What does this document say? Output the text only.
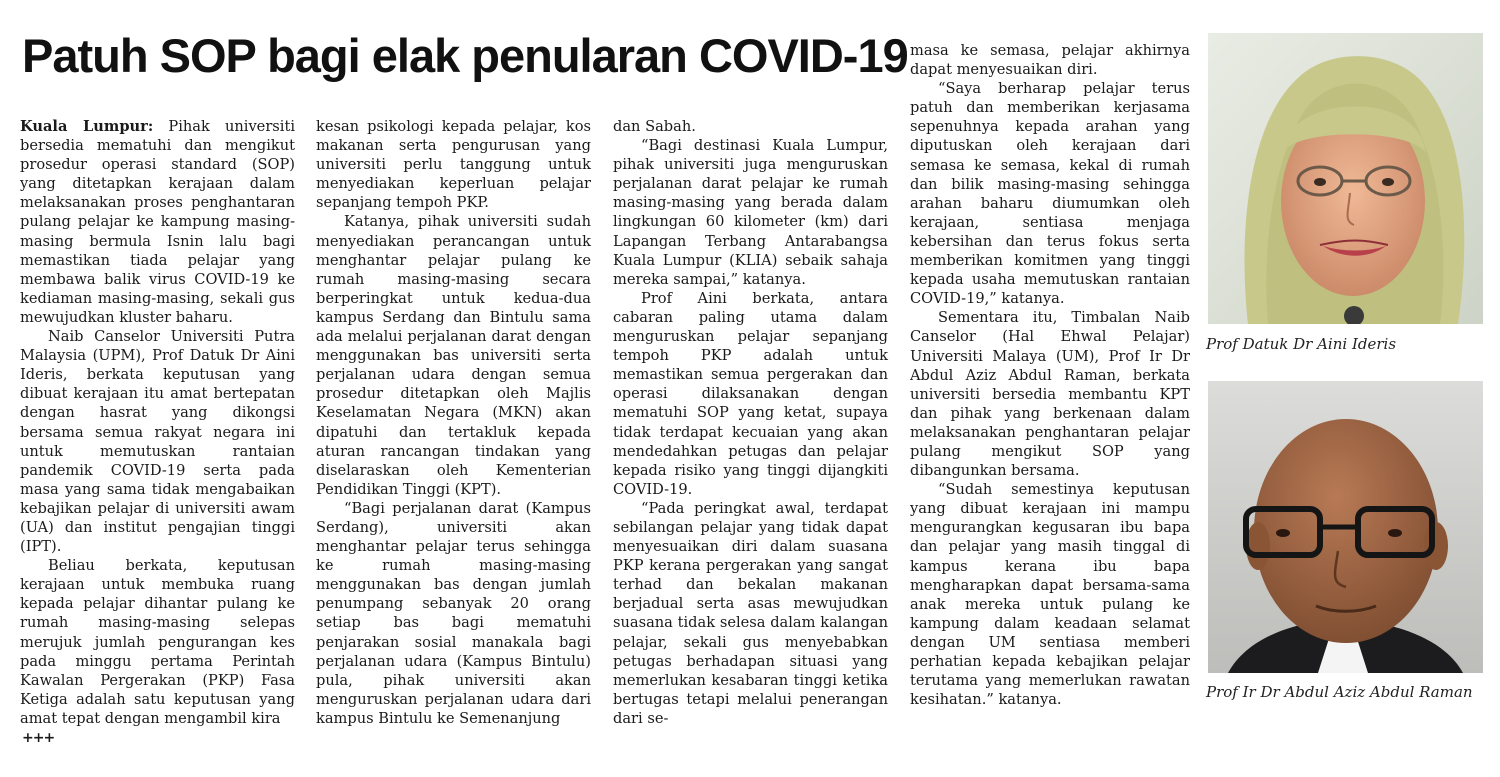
Patuh SOP bagi elak penularan COVID-19

Kuala Lumpur: Pihak universiti bersedia mematuhi dan mengikut prosedur operasi standard (SOP) yang ditetapkan kerajaan dalam melaksanakan proses penghantaran pulang pelajar ke kampung masing-masing bermula Isnin lalu bagi memastikan tiada pelajar yang membawa balik virus COVID-19 ke kediaman masing-masing, sekali gus mewujudkan kluster baharu.

Naib Canselor Universiti Putra Malaysia (UPM), Prof Datuk Dr Aini Ideris, berkata keputusan yang dibuat kerajaan itu amat bertepatan dengan hasrat yang dikongsi bersama semua rakyat negara ini untuk memutuskan rantaian pandemik COVID-19 serta pada masa yang sama tidak mengabaikan kebajikan pelajar di universiti awam (UA) dan institut pengajian tinggi (IPT).

Beliau berkata, keputusan kerajaan untuk membuka ruang kepada pelajar dihantar pulang ke rumah masing-masing selepas merujuk jumlah pengurangan kes pada minggu pertama Perintah Kawalan Pergerakan (PKP) Fasa Ketiga adalah satu keputusan yang amat tepat dengan mengambil kira

kesan psikologi kepada pelajar, kos makanan serta pengurusan yang universiti perlu tanggung untuk menyediakan keperluan pelajar sepanjang tempoh PKP.

Katanya, pihak universiti sudah menyediakan perancangan untuk menghantar pelajar pulang ke rumah masing-masing secara berperingkat untuk kedua-dua kampus Serdang dan Bintulu sama ada melalui perjalanan darat dengan menggunakan bas universiti serta perjalanan udara dengan semua prosedur ditetapkan oleh Majlis Keselamatan Negara (MKN) akan dipatuhi dan tertakluk kepada aturan rancangan tindakan yang diselaraskan oleh Kementerian Pendidikan Tinggi (KPT).

“Bagi perjalanan darat (Kampus Serdang), universiti akan menghantar pelajar terus sehingga ke rumah masing-masing menggunakan bas dengan jumlah penumpang sebanyak 20 orang setiap bas bagi mematuhi penjarakan sosial manakala bagi perjalanan udara (Kampus Bintulu) pula, pihak universiti akan menguruskan perjalanan udara dari kampus Bintulu ke Semenanjung

dan Sabah.

“Bagi destinasi Kuala Lumpur, pihak universiti juga menguruskan perjalanan darat pelajar ke rumah masing-masing yang berada dalam lingkungan 60 kilometer (km) dari Lapangan Terbang Antarabangsa Kuala Lumpur (KLIA) sebaik sahaja mereka sampai,” katanya.

Prof Aini berkata, antara cabaran paling utama dalam menguruskan pelajar sepanjang tempoh PKP adalah untuk memastikan semua pergerakan dan operasi dilaksanakan dengan mematuhi SOP yang ketat, supaya tidak terdapat kecuaian yang akan mendedahkan petugas dan pelajar kepada risiko yang tinggi dijangkiti COVID-19.

“Pada peringkat awal, terdapat sebilangan pelajar yang tidak dapat menyesuaikan diri dalam suasana PKP kerana pergerakan yang sangat terhad dan bekalan makanan berjadual serta asas mewujudkan suasana tidak selesa dalam kalangan pelajar, sekali gus menyebabkan petugas berhadapan situasi yang memerlukan kesabaran tinggi ketika bertugas tetapi melalui penerangan dari se-

masa ke semasa, pelajar akhirnya dapat menyesuaikan diri.

“Saya berharap pelajar terus patuh dan memberikan kerjasama sepenuhnya kepada arahan yang diputuskan oleh kerajaan dari semasa ke semasa, kekal di rumah dan bilik masing-masing sehingga arahan baharu diumumkan oleh kerajaan, sentiasa menjaga kebersihan dan terus fokus serta memberikan komitmen yang tinggi kepada usaha memutuskan rantaian COVID-19,” katanya.

Sementara itu, Timbalan Naib Canselor (Hal Ehwal Pelajar) Universiti Malaya (UM), Prof Ir Dr Abdul Aziz Abdul Raman, berkata universiti bersedia membantu KPT dan pihak yang berkenaan dalam melaksanakan penghantaran pelajar pulang mengikut SOP yang dibangunkan bersama.

“Sudah semestinya keputusan yang dibuat kerajaan ini mampu mengurangkan kegusaran ibu bapa dan pelajar yang masih tinggal di kampus kerana ibu bapa mengharapkan dapat bersama-sama anak mereka untuk pulang ke kampung dalam keadaan selamat dengan UM sentiasa memberi perhatian kepada kebajikan pelajar terutama yang memerlukan rawatan kesihatan.” katanya.

Prof Datuk Dr Aini Ideris
Prof Ir Dr Abdul Aziz Abdul Raman
+++
